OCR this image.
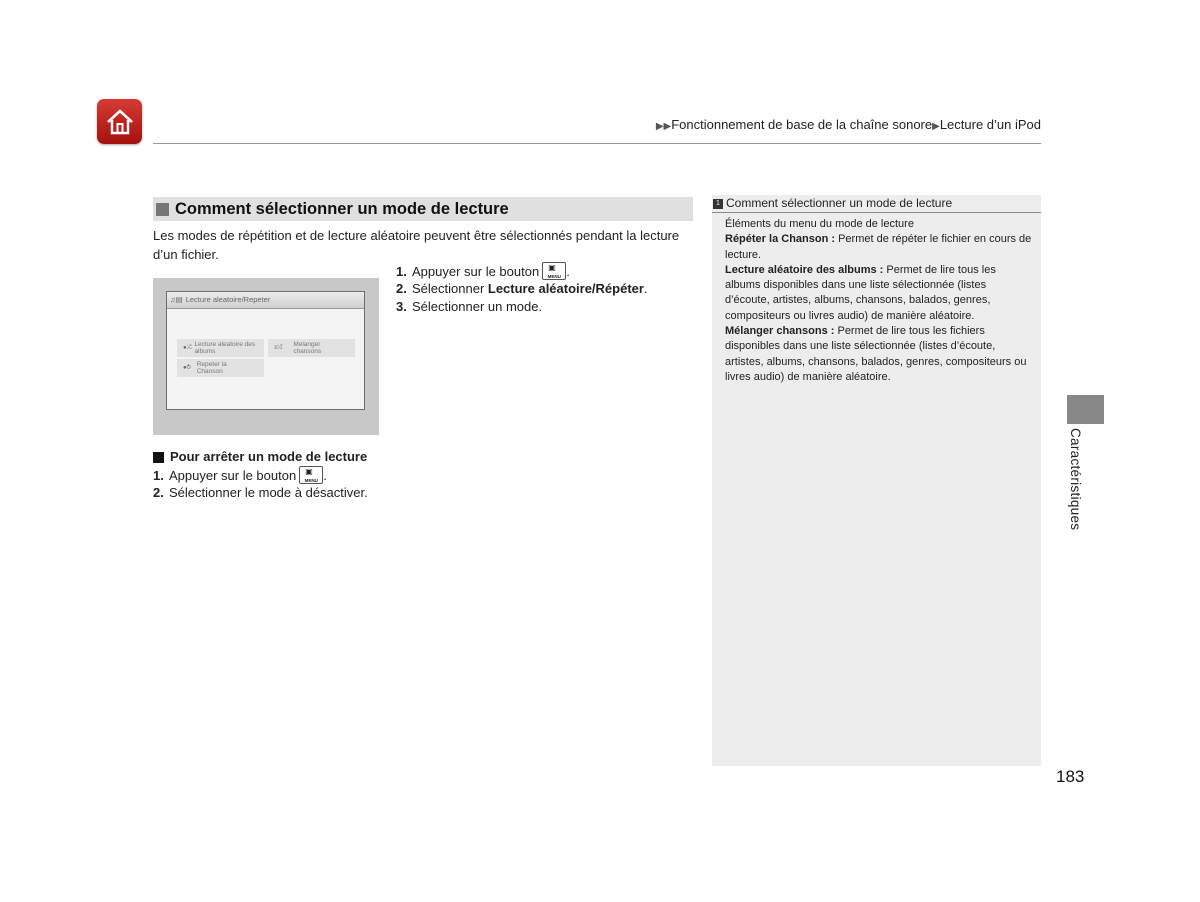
▶▶Fonctionnement de base de la chaîne sonore▶Lecture d’un iPod
Comment sélectionner un mode de lecture
Les modes de répétition et de lecture aléatoire peuvent être sélectionnés pendant la lecture d’un fichier.
♫▤ Lecture aleatoire/Repeter
●⤮ Lecture aleatoire des albums
≡⤮ Melanger chansons
●⥁ Repeter la Chanson
1. Appuyer sur le bouton ▣
MENU .
2. Sélectionner Lecture aléatoire/Répéter.
3. Sélectionner un mode.
Pour arrêter un mode de lecture
1. Appuyer sur le bouton ▣
MENU .
2. Sélectionner le mode à désactiver.
1 Comment sélectionner un mode de lecture
Éléments du menu du mode de lecture
Répéter la Chanson : Permet de répéter le fichier en cours de lecture.
Lecture aléatoire des albums : Permet de lire tous les albums disponibles dans une liste sélectionnée (listes d’écoute, artistes, albums, chansons, balados, genres, compositeurs ou livres audio) de manière aléatoire.
Mélanger chansons : Permet de lire tous les fichiers disponibles dans une liste sélectionnée (listes d’écoute, artistes, albums, chansons, balados, genres, compositeurs ou livres audio) de manière aléatoire.
Caractéristiques
183
